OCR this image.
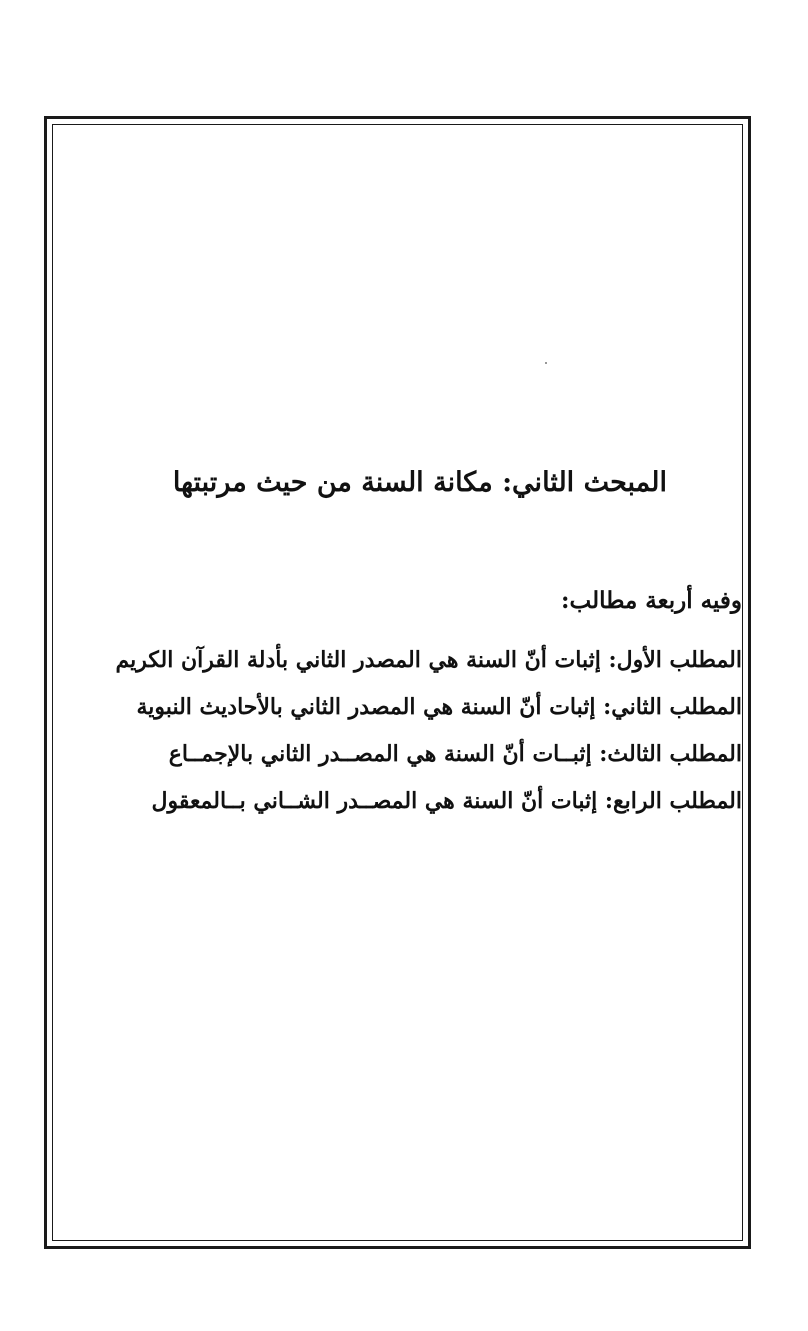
المبحث الثاني: مكانة السنة من حيث مرتبتها

وفيه أربعة مطالب:

المطلب الأول: إثبات أنّ السنة هي المصدر الثاني بأدلة القرآن الكريم
المطلب الثاني: إثبات أنّ السنة هي المصدر الثاني بالأحاديث النبوية
المطلب الثالث: إثبــات أنّ السنة هي المصــدر الثاني بالإجمــاع
المطلب الرابع: إثبات أنّ السنة هي المصــدر الشــاني بــالمعقول
